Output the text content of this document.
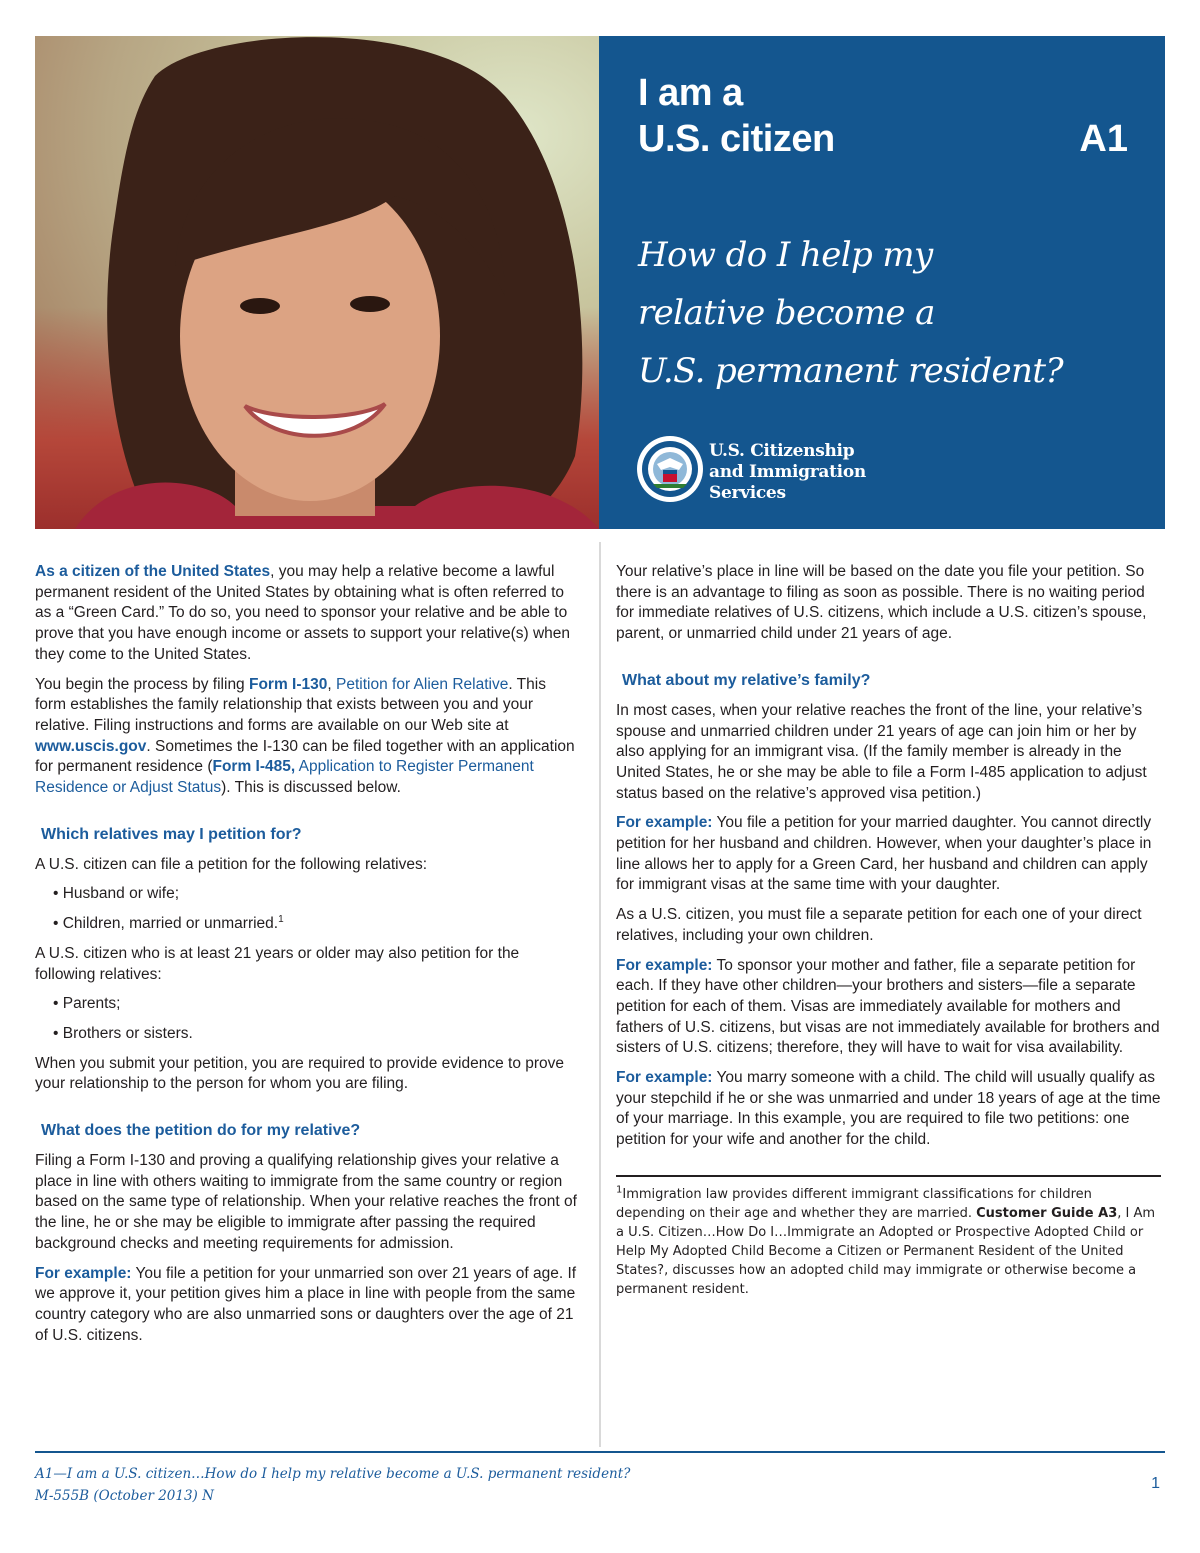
I am a
U.S. citizen	A1
How do I help my
relative become a
U.S. permanent resident?
U.S. Citizenship
and Immigration
Services

As a citizen of the United States, you may help a relative become a lawful permanent resident of the United States by obtaining what is often referred to as a “Green Card.” To do so, you need to sponsor your relative and be able to prove that you have enough income or assets to support your relative(s) when they come to the United States.

You begin the process by filing Form I-130, Petition for Alien Relative. This form establishes the family relationship that exists between you and your relative. Filing instructions and forms are available on our Web site at www.uscis.gov. Sometimes the I-130 can be filed together with an application for permanent residence (Form I-485, Application to Register Permanent Residence or Adjust Status). This is discussed below.

Which relatives may I petition for?

A U.S. citizen can file a petition for the following relatives:

• Husband or wife;

• Children, married or unmarried.$^1$

A U.S. citizen who is at least 21 years or older may also petition for the following relatives:

• Parents;

• Brothers or sisters.

When you submit your petition, you are required to provide evidence to prove your relationship to the person for whom you are filing.

What does the petition do for my relative?

Filing a Form I-130 and proving a qualifying relationship gives your relative a place in line with others waiting to immigrate from the same country or region based on the same type of relationship. When your relative reaches the front of the line, he or she may be eligible to immigrate after passing the required background checks and meeting requirements for admission.

For example: You file a petition for your unmarried son over 21 years of age. If we approve it, your petition gives him a place in line with people from the same country category who are also unmarried sons or daughters over the age of 21 of U.S. citizens.

Your relative’s place in line will be based on the date you file your petition. So there is an advantage to filing as soon as possible. There is no waiting period for immediate relatives of U.S. citizens, which include a U.S. citizen’s spouse, parent, or unmarried child under 21 years of age.

What about my relative’s family?

In most cases, when your relative reaches the front of the line, your relative’s spouse and unmarried children under 21 years of age can join him or her by also applying for an immigrant visa. (If the family member is already in the United States, he or she may be able to file a Form I-485 application to adjust status based on the relative’s approved visa petition.)

For example: You file a petition for your married daughter. You cannot directly petition for her husband and children. However, when your daughter’s place in line allows her to apply for a Green Card, her husband and children can apply for immigrant visas at the same time with your daughter.

As a U.S. citizen, you must file a separate petition for each one of your direct relatives, including your own children.

For example: To sponsor your mother and father, file a separate petition for each. If they have other children—your brothers and sisters—file a separate petition for each of them. Visas are immediately available for mothers and fathers of U.S. citizens, but visas are not immediately available for brothers and sisters of U.S. citizens; therefore, they will have to wait for visa availability.

For example: You marry someone with a child. The child will usually qualify as your stepchild if he or she was unmarried and under 18 years of age at the time of your marriage. In this example, you are required to file two petitions: one petition for your wife and another for the child.

$^1$Immigration law provides different immigrant classifications for children depending on their age and whether they are married. Customer Guide A3, I Am a U.S. Citizen…How Do I…Immigrate an Adopted or Prospective Adopted Child or Help My Adopted Child Become a Citizen or Permanent Resident of the United States?, discusses how an adopted child may immigrate or otherwise become a permanent resident.

A1—I am a U.S. citizen…How do I help my relative become a U.S. permanent resident?
M-555B (October 2013) N
1
